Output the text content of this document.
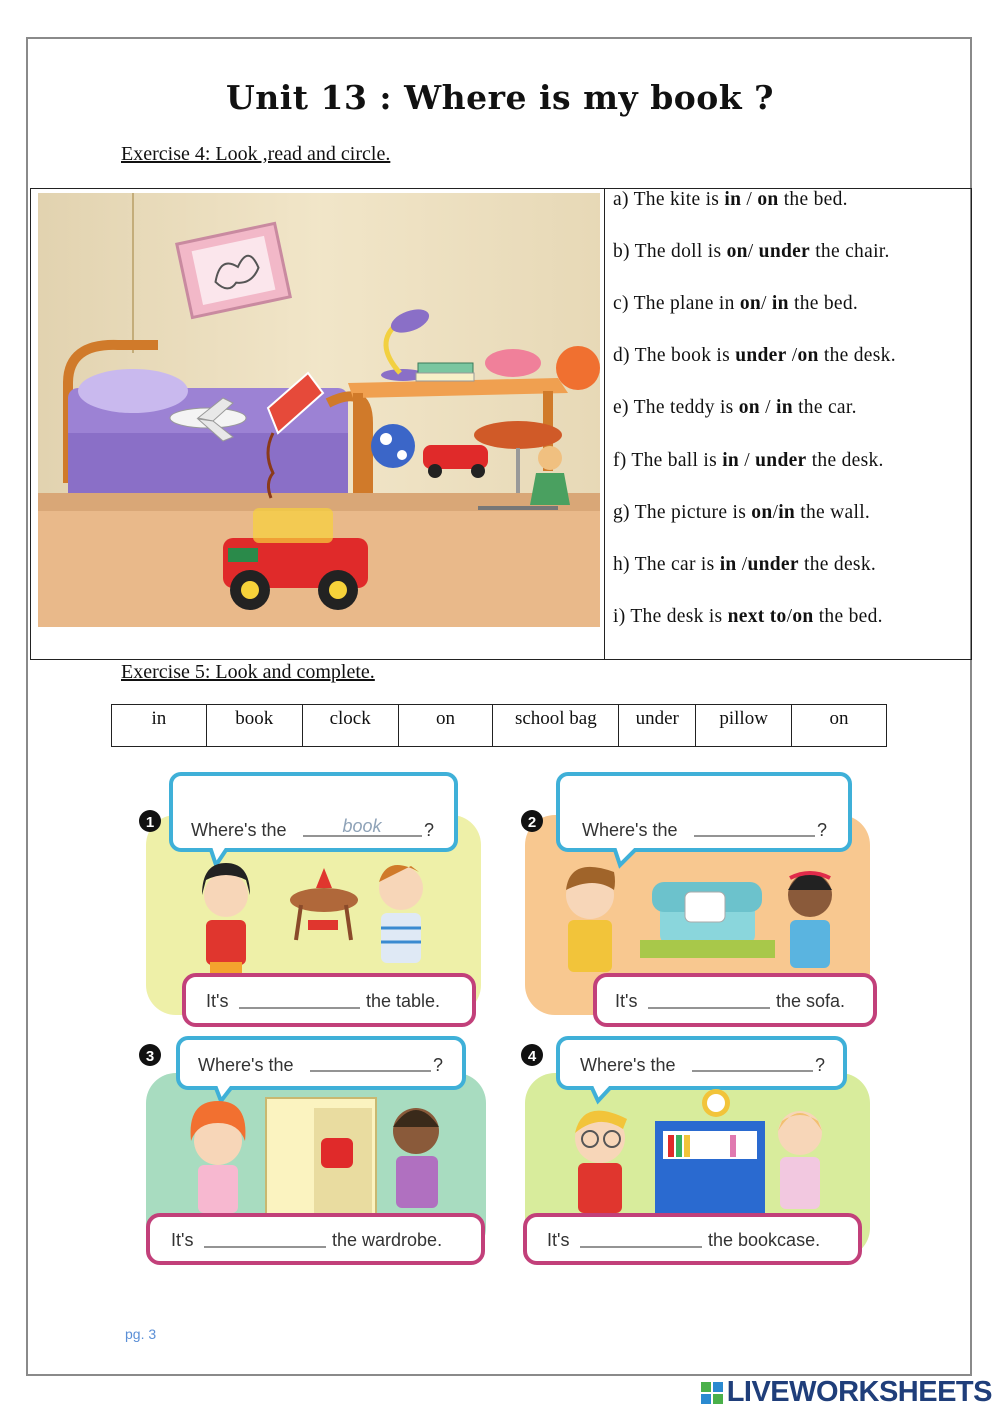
Unit 13 : Where is my book ?
Exercise 4: Look ,read and circle.
a) The kite is in / on the bed.
b) The doll is on/ under the chair.
c) The plane in on/ in the bed.
d) The book is under /on the desk.
e) The teddy is on / in the car.
f) The ball is in / under the desk.
g) The picture is on/in the wall.
h) The car is in /under the desk.
i) The desk is next to/on the bed.
Exercise 5: Look and complete.
in	book	clock	on	school bag	under	pillow	on
1 Where's the	book ?
It's	the table.
2	Where's the	?
It's	the sofa.
3 Where's the	?
It's	the wardrobe.
4 Where's the	?
It's	the bookcase.
pg. 3
LIVEWORKSHEETS
